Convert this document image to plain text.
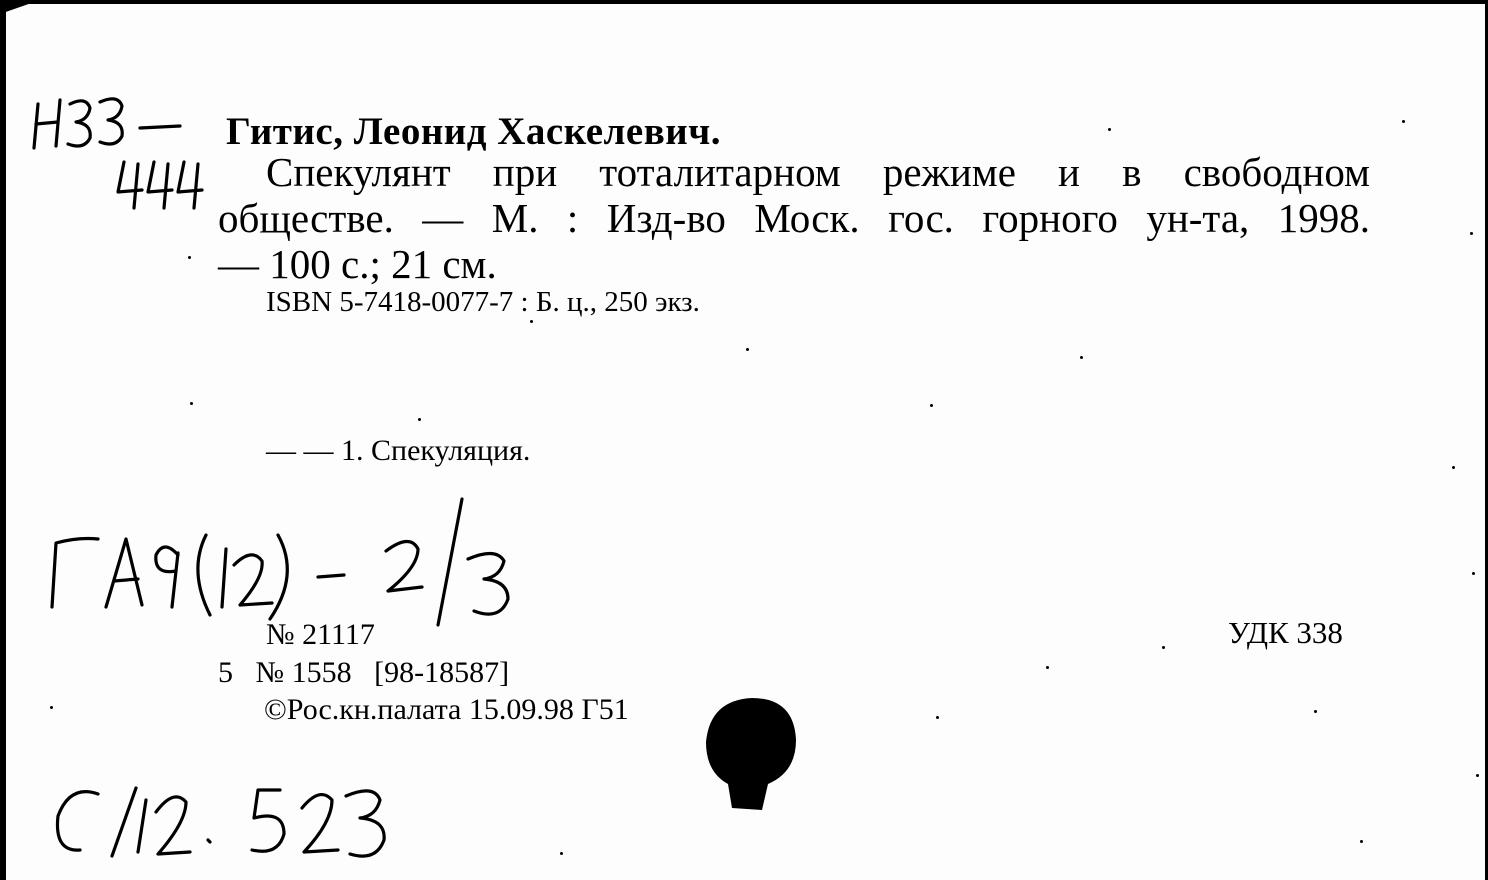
Гитис, Леонид Хаскелевич.
Спекулянт при тоталитарном режиме и в свободном
обществе. — М. : Изд-во Моск. гос. горного ун-та, 1998.
— 100 с.; 21 см.
ISBN 5-7418-0077-7 : Б. ц., 250 экз.
— — 1. Спекуляция.
№ 21117
5   № 1558   [98-18587]
©Рос.кн.палата 15.09.98 Г51
УДК 338
